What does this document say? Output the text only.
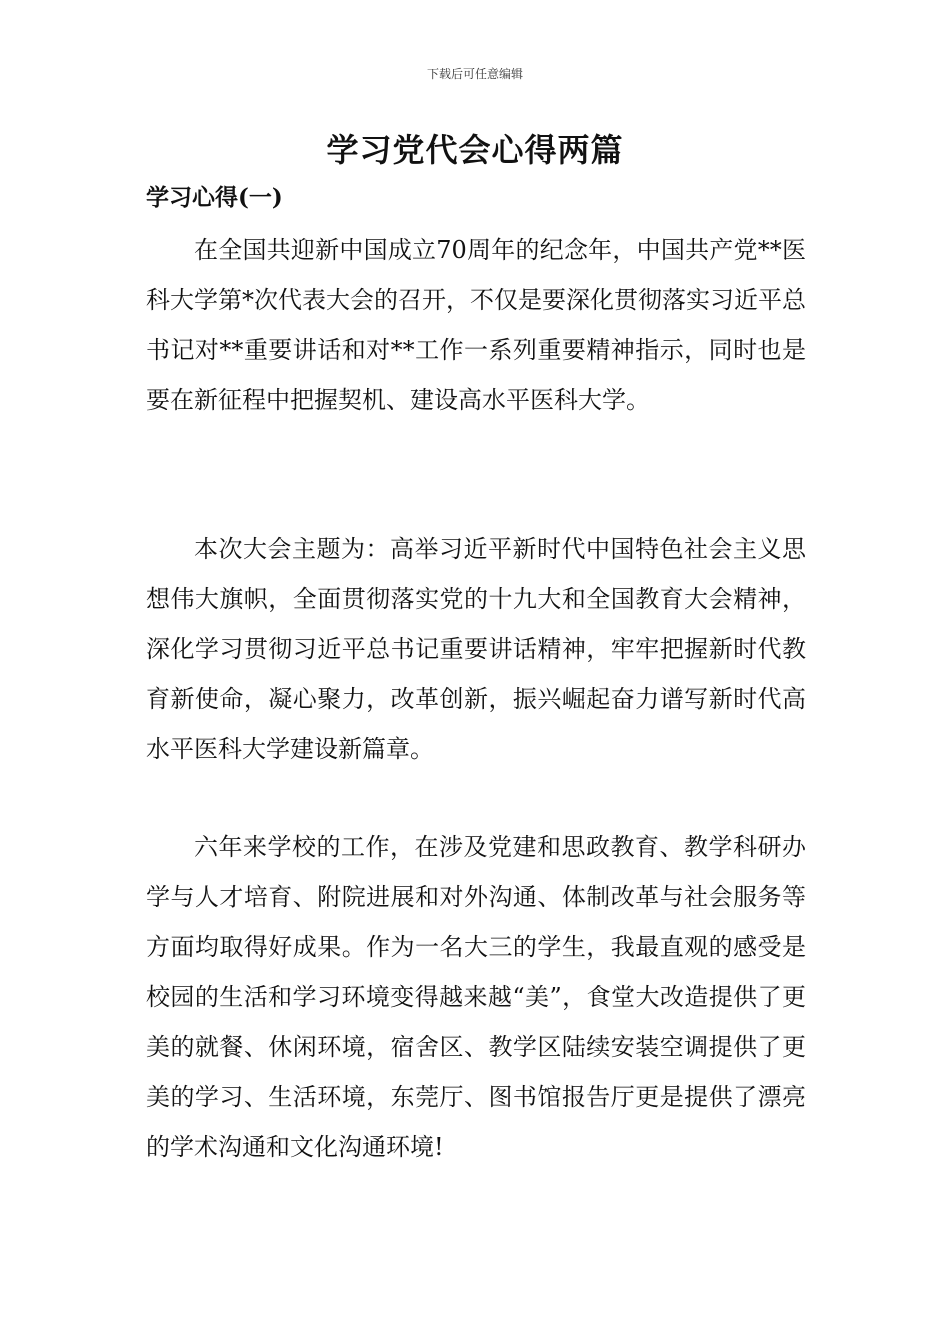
下载后可任意编辑
学习党代会心得两篇
学习心得(一)

在全国共迎新中国成立70周年的纪念年，中国共产党**医科大学第*次代表大会的召开，不仅是要深化贯彻落实习近平总书记对**重要讲话和对**工作一系列重要精神指示，同时也是要在新征程中把握契机、建设高水平医科大学。

本次大会主题为：高举习近平新时代中国特色社会主义思想伟大旗帜，全面贯彻落实党的十九大和全国教育大会精神，深化学习贯彻习近平总书记重要讲话精神，牢牢把握新时代教育新使命，凝心聚力，改革创新，振兴崛起奋力谱写新时代高水平医科大学建设新篇章。

六年来学校的工作，在涉及党建和思政教育、教学科研办学与人才培育、附院进展和对外沟通、体制改革与社会服务等方面均取得好成果。作为一名大三的学生，我最直观的感受是校园的生活和学习环境变得越来越“美”，食堂大改造提供了更美的就餐、休闲环境，宿舍区、教学区陆续安装空调提供了更美的学习、生活环境，东莞厅、图书馆报告厅更是提供了漂亮的学术沟通和文化沟通环境!
